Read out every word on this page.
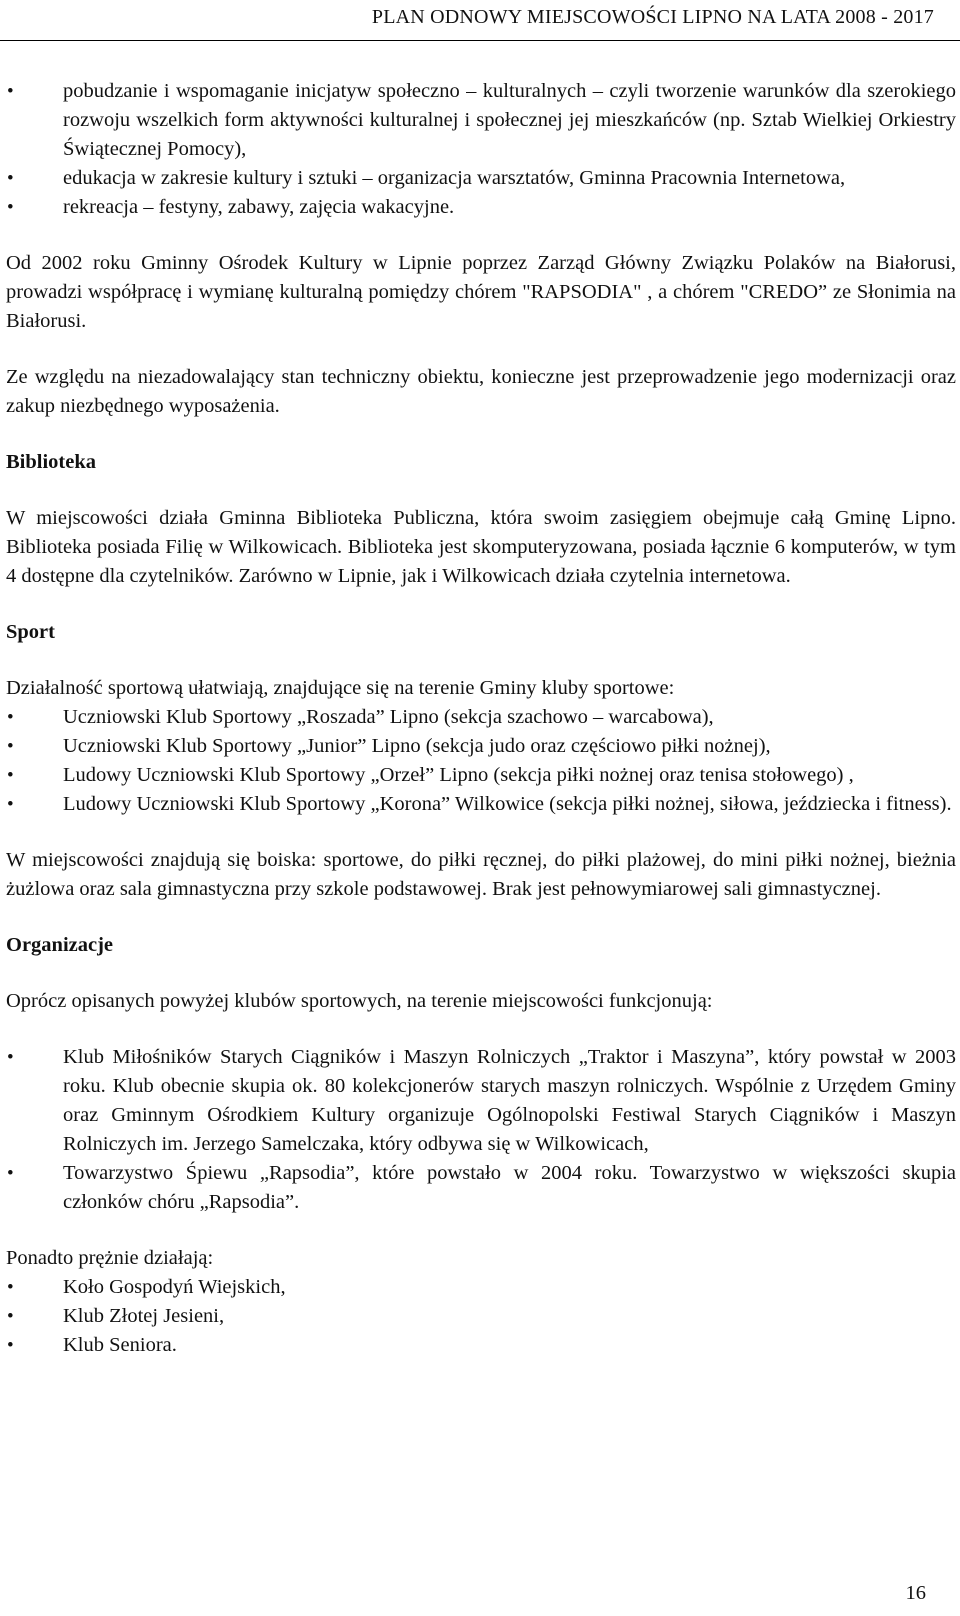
PLAN ODNOWY MIEJSCOWOŚCI LIPNO NA LATA 2008 - 2017
• pobudzanie i wspomaganie inicjatyw społeczno – kulturalnych – czyli tworzenie warunków dla szerokiego rozwoju wszelkich form aktywności kulturalnej i społecznej jej mieszkańców (np. Sztab Wielkiej Orkiestry Świątecznej Pomocy),
• edukacja w zakresie kultury i sztuki – organizacja warsztatów, Gminna Pracownia Internetowa,
• rekreacja – festyny, zabawy, zajęcia wakacyjne.

Od 2002 roku Gminny Ośrodek Kultury w Lipnie poprzez Zarząd Główny Związku Polaków na Białorusi, prowadzi współpracę i wymianę kulturalną pomiędzy chórem "RAPSODIA" , a chórem "CREDO” ze Słonimia na Białorusi.

Ze względu na niezadowalający stan techniczny obiektu, konieczne jest przeprowadzenie jego modernizacji oraz zakup niezbędnego wyposażenia.

Biblioteka

W miejscowości działa Gminna Biblioteka Publiczna, która swoim zasięgiem obejmuje całą Gminę Lipno. Biblioteka posiada Filię w Wilkowicach. Biblioteka jest skomputeryzowana, posiada łącznie 6 komputerów, w tym 4 dostępne dla czytelników. Zarówno w Lipnie, jak i Wilkowicach działa czytelnia internetowa.

Sport

Działalność sportową ułatwiają, znajdujące się na terenie Gminy kluby sportowe:

• Uczniowski Klub Sportowy „Roszada” Lipno (sekcja szachowo – warcabowa),
• Uczniowski Klub Sportowy „Junior” Lipno (sekcja judo oraz częściowo piłki nożnej),
• Ludowy Uczniowski Klub Sportowy „Orzeł” Lipno (sekcja piłki nożnej oraz tenisa stołowego) ,
• Ludowy Uczniowski Klub Sportowy „Korona” Wilkowice (sekcja piłki nożnej, siłowa, jeździecka i fitness).

W miejscowości znajdują się boiska: sportowe, do piłki ręcznej, do piłki plażowej, do mini piłki nożnej, bieżnia żużlowa oraz sala gimnastyczna przy szkole podstawowej. Brak jest pełnowymiarowej sali gimnastycznej.

Organizacje

Oprócz opisanych powyżej klubów sportowych, na terenie miejscowości funkcjonują:

• Klub Miłośników Starych Ciągników i Maszyn Rolniczych „Traktor i Maszyna”, który powstał w 2003 roku. Klub obecnie skupia ok. 80 kolekcjonerów starych maszyn rolniczych. Wspólnie z Urzędem Gminy oraz Gminnym Ośrodkiem Kultury organizuje Ogólnopolski Festiwal Starych Ciągników i Maszyn Rolniczych im. Jerzego Samelczaka, który odbywa się w Wilkowicach,
• Towarzystwo Śpiewu „Rapsodia”, które powstało w 2004 roku. Towarzystwo w większości skupia członków chóru „Rapsodia”.

Ponadto prężnie działają:

• Koło Gospodyń Wiejskich,
• Klub Złotej Jesieni,
• Klub Seniora.
16
